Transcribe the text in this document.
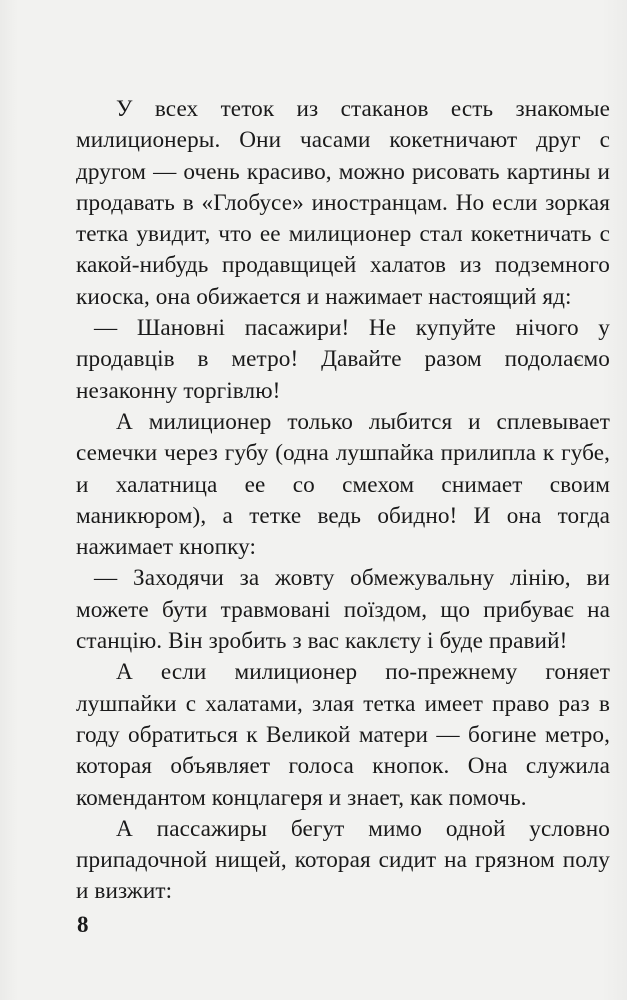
У всех теток из стаканов есть знакомые милиционеры. Они часами кокетничают друг с другом — очень красиво, можно рисовать картины и продавать в «Глобусе» иностранцам. Но если зоркая тетка увидит, что ее милиционер стал кокетничать с какой-нибудь продавщицей халатов из подземного киоска, она обижается и нажимает настоящий яд:

— Шановні пасажири! Не купуйте нічого у продавців в метро! Давайте разом подолаємо незаконну торгівлю!

А милиционер только лыбится и сплевывает семечки через губу (одна лушпайка прилипла к губе, и халатница ее со смехом снимает своим маникюром), а тетке ведь обидно! И она тогда нажимает кнопку:

— Заходячи за жовту обмежувальну лінію, ви можете бути травмовані поїздом, що прибуває на станцію. Він зробить з вас каклєту і буде правий!

А если милиционер по-прежнему гоняет лушпайки с халатами, злая тетка имеет право раз в году обратиться к Великой матери — богине метро, которая объявляет голоса кнопок. Она служила комендантом концлагеря и знает, как помочь.

А пассажиры бегут мимо одной условно припадочной нищей, которая сидит на грязном полу и визжит:

8
